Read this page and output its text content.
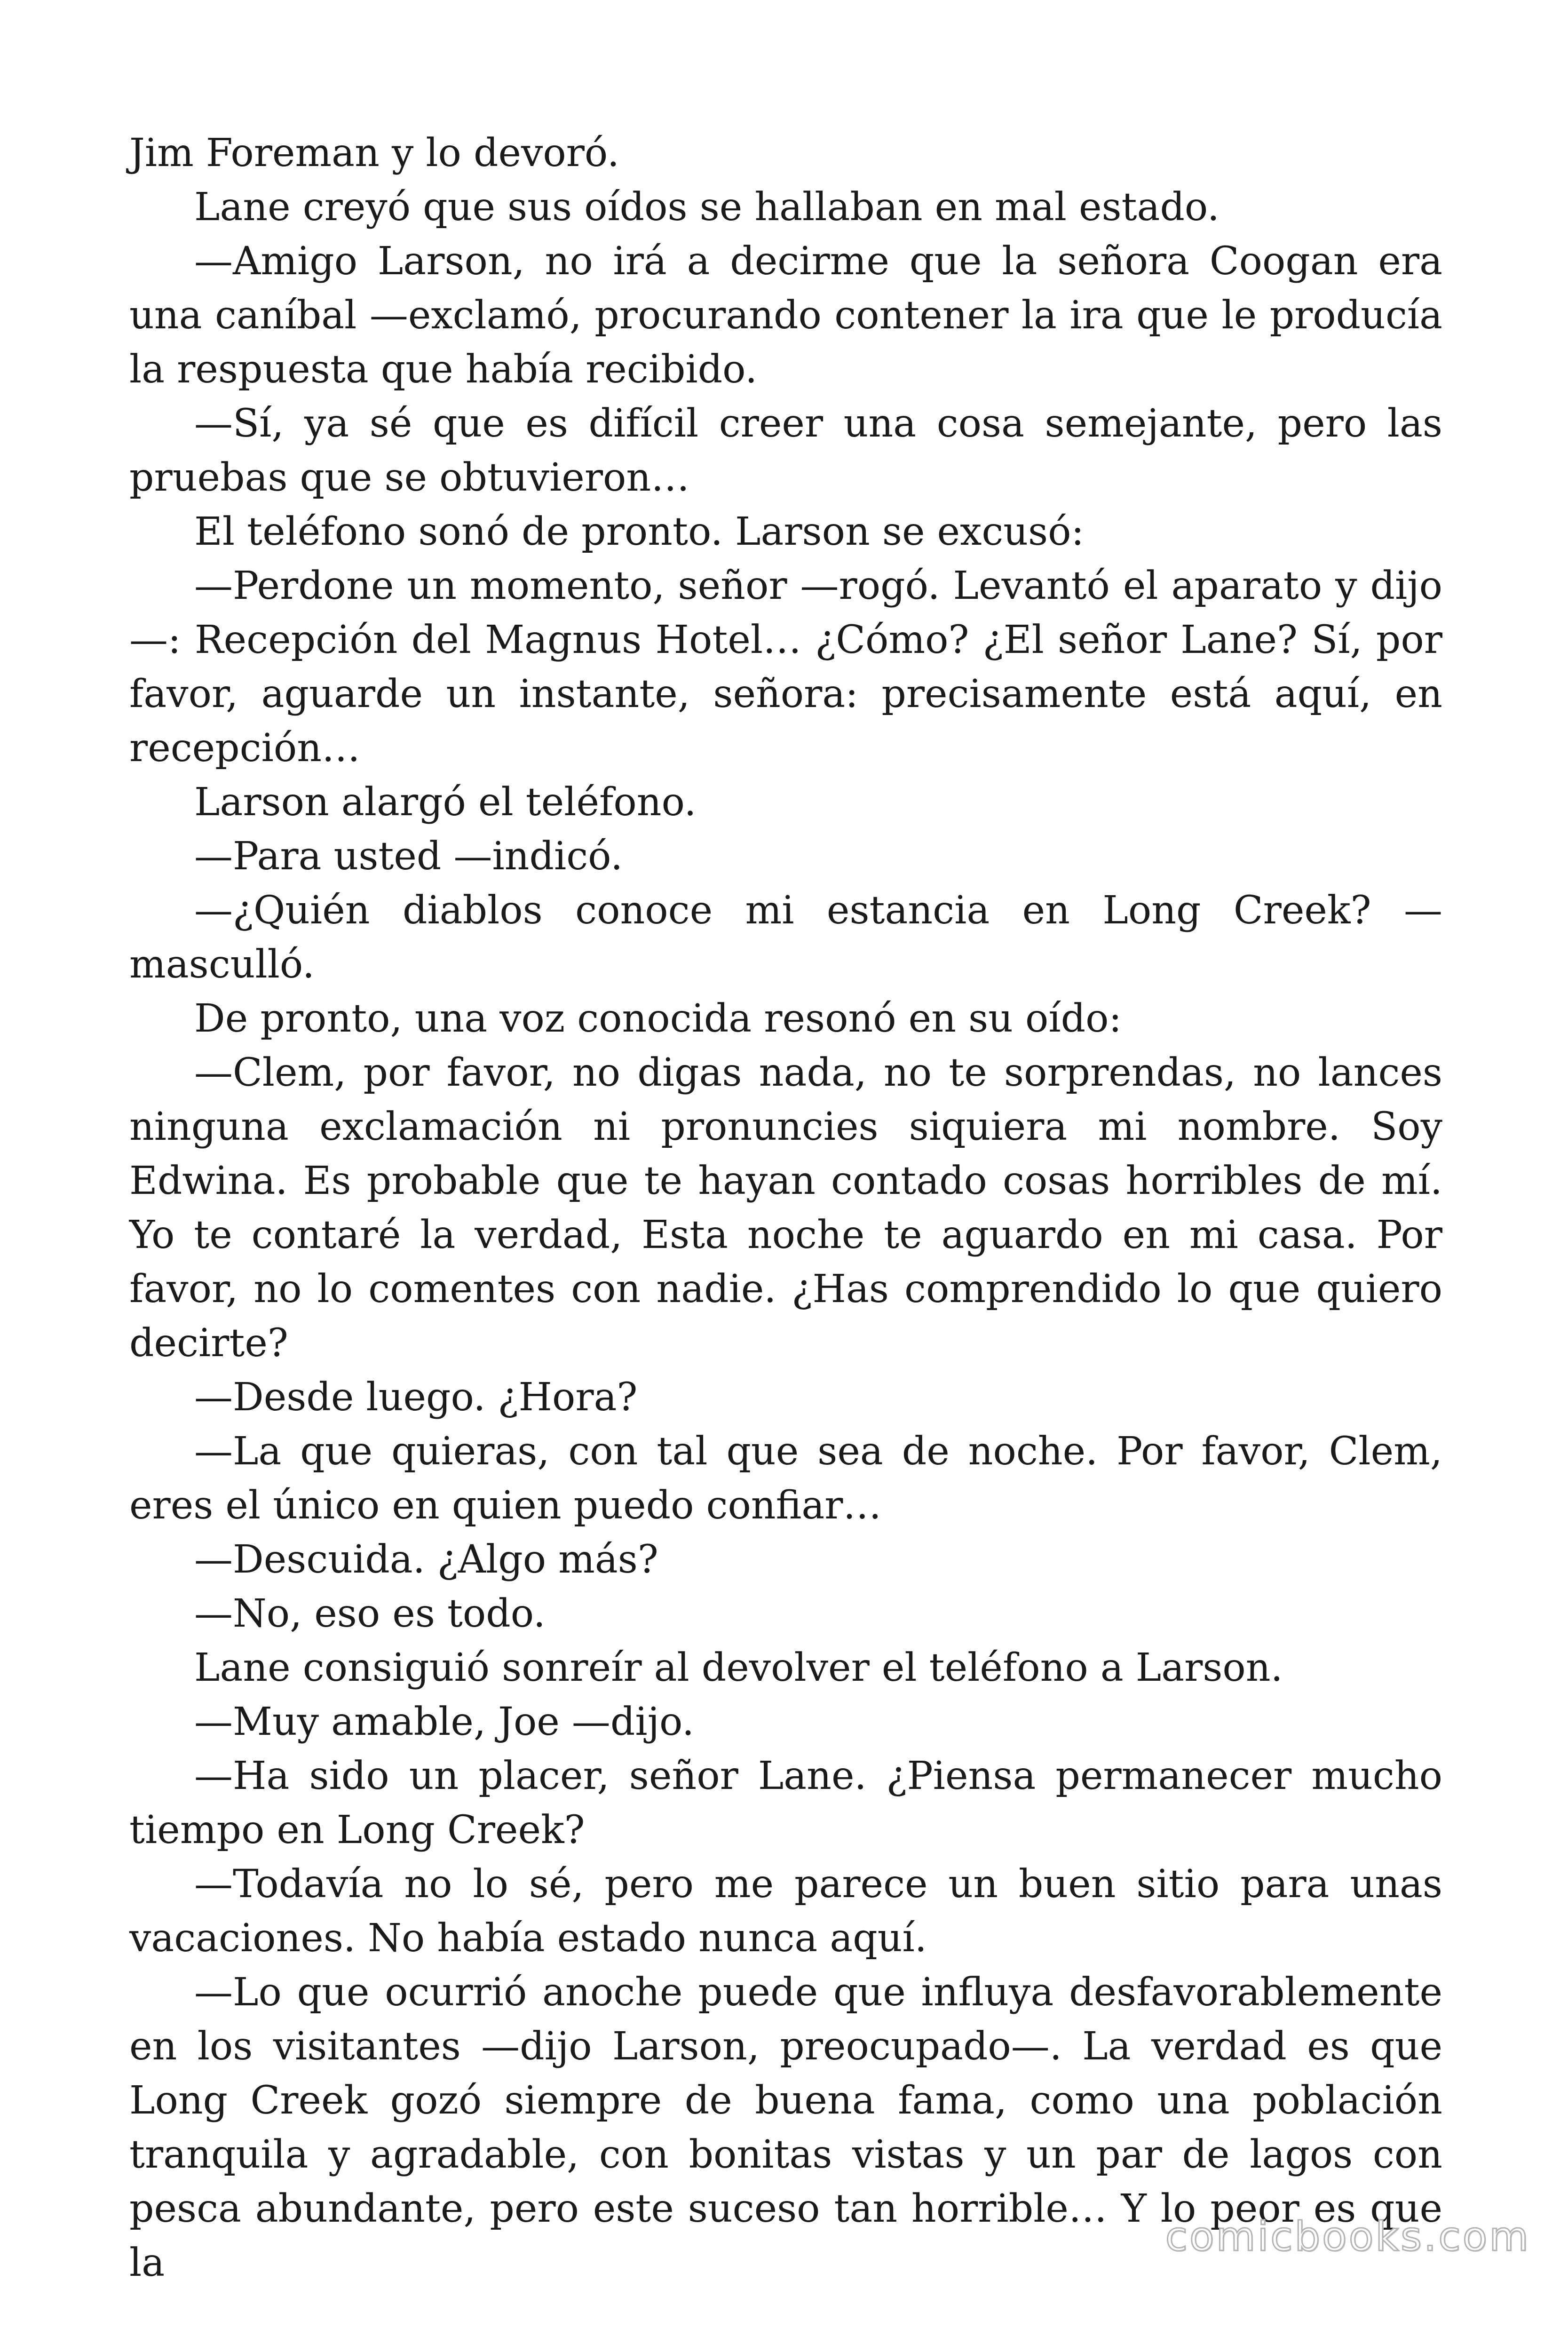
Jim Foreman y lo devoró.

Lane creyó que sus oídos se hallaban en mal estado.

—Amigo Larson, no irá a decirme que la señora Coogan era una caníbal —exclamó, procurando contener la ira que le producía la respuesta que había recibido.

—Sí, ya sé que es difícil creer una cosa semejante, pero las pruebas que se obtuvieron…

El teléfono sonó de pronto. Larson se excusó:

—Perdone un momento, señor —rogó. Levantó el aparato y dijo —: Recepción del Magnus Hotel… ¿Cómo? ¿El señor Lane? Sí, por favor, aguarde un instante, señora: precisamente está aquí, en recepción…

Larson alargó el teléfono.

—Para usted —indicó.

—¿Quién diablos conoce mi estancia en Long Creek? —masculló.

De pronto, una voz conocida resonó en su oído:

—Clem, por favor, no digas nada, no te sorprendas, no lances ninguna exclamación ni pronuncies siquiera mi nombre. Soy Edwina. Es probable que te hayan contado cosas horribles de mí. Yo te contaré la verdad, Esta noche te aguardo en mi casa. Por favor, no lo comentes con nadie. ¿Has comprendido lo que quiero decirte?

—Desde luego. ¿Hora?

—La que quieras, con tal que sea de noche. Por favor, Clem, eres el único en quien puedo confiar…

—Descuida. ¿Algo más?

—No, eso es todo.

Lane consiguió sonreír al devolver el teléfono a Larson.

—Muy amable, Joe —dijo.

—Ha sido un placer, señor Lane. ¿Piensa permanecer mucho tiempo en Long Creek?

—Todavía no lo sé, pero me parece un buen sitio para unas vacaciones. No había estado nunca aquí.

—Lo que ocurrió anoche puede que influya desfavorablemente en los visitantes —dijo Larson, preocupado—. La verdad es que Long Creek gozó siempre de buena fama, como una población tranquila y agradable, con bonitas vistas y un par de lagos con pesca abundante, pero este suceso tan horrible… Y lo peor es que la

comicbooks.com
